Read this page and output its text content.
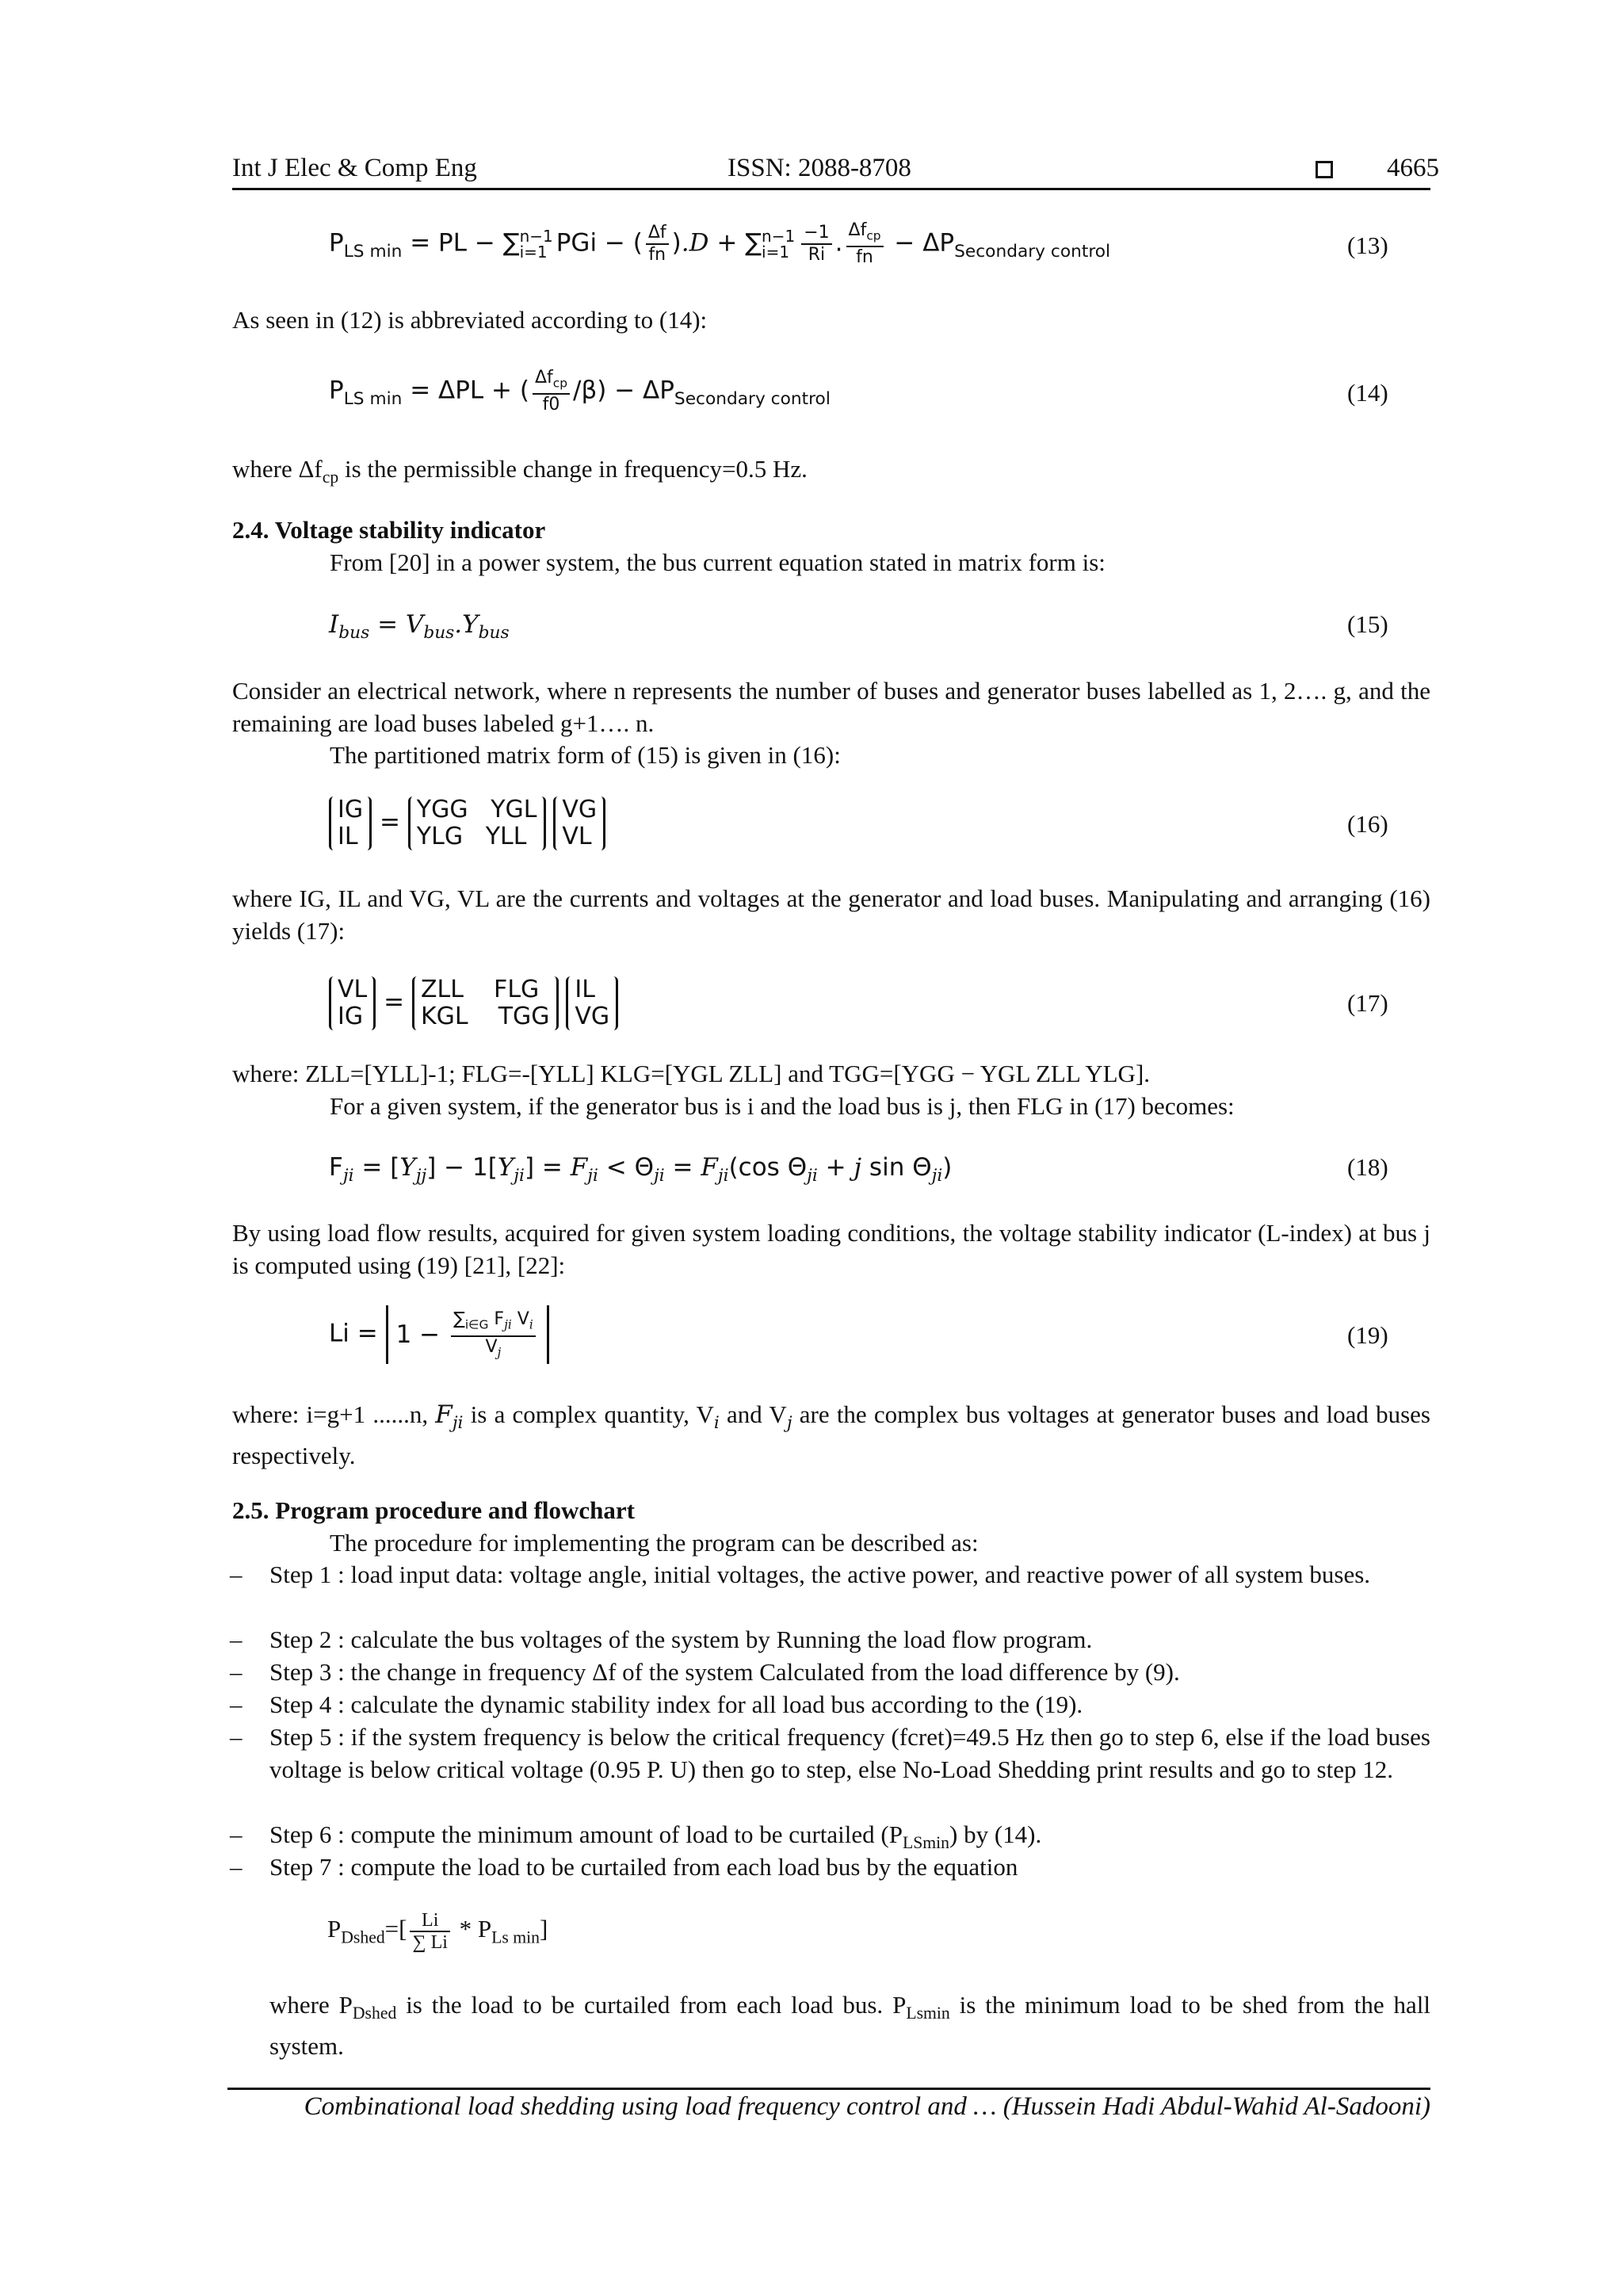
Int J Elec & Comp Eng	ISSN: 2088-8708	4665
$P_{LS min}$ = PL − ∑n−1
i=1 PGi − ( $\frac{\Delta f}{fn} ).D + \sum n-1$
$i=1 \frac{-1}{Ri}$ . $\frac{\Delta f_{cp}}{fn} - \Delta P_{Secondary control}$	(13)
As seen in (12) is abbreviated according to (14):
$P_{LS min} = \Delta PL$ + ( $\frac{\Delta f_{cp}}{f0} /\beta) - \Delta P_{Secondary control}$	(14)
where $\Delta f_{cp}$ is the permissible change in frequency=0.5 Hz.
2.4. Voltage stability indicator
From [20] in a power system, the bus current equation stated in matrix form is:
$I_{bus} = V_{bus}.Y_{bus}$	(15)
Consider an electrical network, where n represents the number of buses and generator buses labelled as 1, 2…. g, and the remaining are load buses labeled g+1…. n.
The partitioned matrix form of (15) is given in (16):
IG
IL = YGG   YGL
YLG   YLL

VG
VL	(16)
where IG, IL and VG, VL are the currents and voltages at the generator and load buses. Manipulating and arranging (16) yields (17):
VL
IG = ZLL    FLG
KGL    TGG

IL
VG	(17)
where: ZLL=[YLL]-1; FLG=-[YLL] KLG=[YGL ZLL] and TGG=[YGG − YGL ZLL YLG].
For a given system, if the generator bus is i and the load bus is j, then FLG in (17) becomes:
$F_{ji} = [Y_{jj}] - 1[Y_{ji}] = F_{ji} < \Theta_{ji} = F_{ji}(\cos$ $\Theta_{ji} + j$ $\sin \Theta_{ji}$)	(18)
By using load flow results, acquired for given system loading conditions, the voltage stability indicator (L-index) at bus j is computed using (19) [21], [22]:
$Li = 1 - \frac{\sum_{i\in G} F_{ji} V_i}{V_j}$	(19)
where: i=g+1 ......n, $F_{ji}$ is a complex quantity, $V_i$ and $V_j$ are the complex bus voltages at generator buses and load buses respectively.
2.5. Program procedure and flowchart
The procedure for implementing the program can be described as:
– Step 1 : load input data: voltage angle, initial voltages, the active power, and reactive power of all system buses.
– Step 2 : calculate the bus voltages of the system by Running the load flow program.
– Step 3 : the change in frequency Δf of the system Calculated from the load difference by (9).
– Step 4 : calculate the dynamic stability index for all load bus according to the (19).
– Step 5 : if the system frequency is below the critical frequency (fcret)=49.5 Hz then go to step 6, else if the load buses voltage is below critical voltage (0.95 P. U) then go to step, else No-Load Shedding print results and go to step 12.
– Step 6 : compute the minimum amount of load to be curtailed $(P_{LSmin})$ by (14).
– Step 7 : compute the load to be curtailed from each load bus by the equation
$P_{Dshed}=[ \frac{Li}{\sum Li} * P_{Ls min}]$
where $P_{Dshed}$ is the load to be curtailed from each load bus. $P_{Lsmin}$ is the minimum load to be shed from the hall system.
Combinational load shedding using load frequency control and … (Hussein Hadi Abdul-Wahid Al-Sadooni)
